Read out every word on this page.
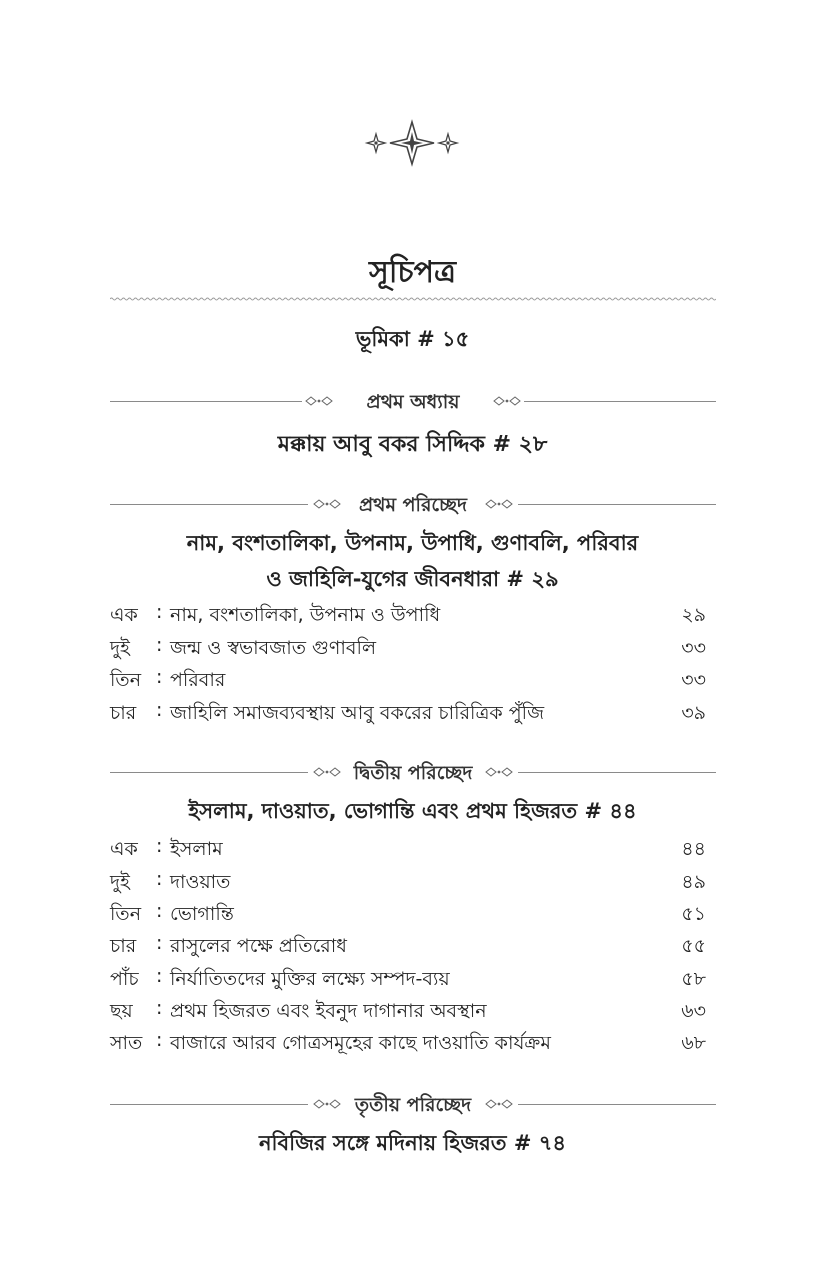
সূচিপত্র
ভূমিকা # ১৫
প্রথম অধ্যায়
মক্কায় আবু বকর সিদ্দিক # ২৮
প্রথম পরিচ্ছেদ
নাম, বংশতালিকা, উপনাম, উপাধি, গুণাবলি, পরিবার
ও জাহিলি-যুগের জীবনধারা # ২৯
এক : নাম, বংশতালিকা, উপনাম ও উপাধি	২৯
দুই : জন্ম ও স্বভাবজাত গুণাবলি	৩৩
তিন : পরিবার	৩৩
চার : জাহিলি সমাজব্যবস্থায় আবু বকরের চারিত্রিক পুঁজি	৩৯
দ্বিতীয় পরিচ্ছেদ
ইসলাম, দাওয়াত, ভোগান্তি এবং প্রথম হিজরত # ৪৪
এক : ইসলাম	৪৪
দুই : দাওয়াত	৪৯
তিন : ভোগান্তি	৫১
চার : রাসুলের পক্ষে প্রতিরোধ	৫৫
পাঁচ : নির্যাতিতদের মুক্তির লক্ষ্যে সম্পদ-ব্যয়	৫৮
ছয় : প্রথম হিজরত এবং ইবনুদ দাগানার অবস্থান	৬৩
সাত : বাজারে আরব গোত্রসমূহের কাছে দাওয়াতি কার্যক্রম	৬৮
তৃতীয় পরিচ্ছেদ
নবিজির সঙ্গে মদিনায় হিজরত # ৭৪
